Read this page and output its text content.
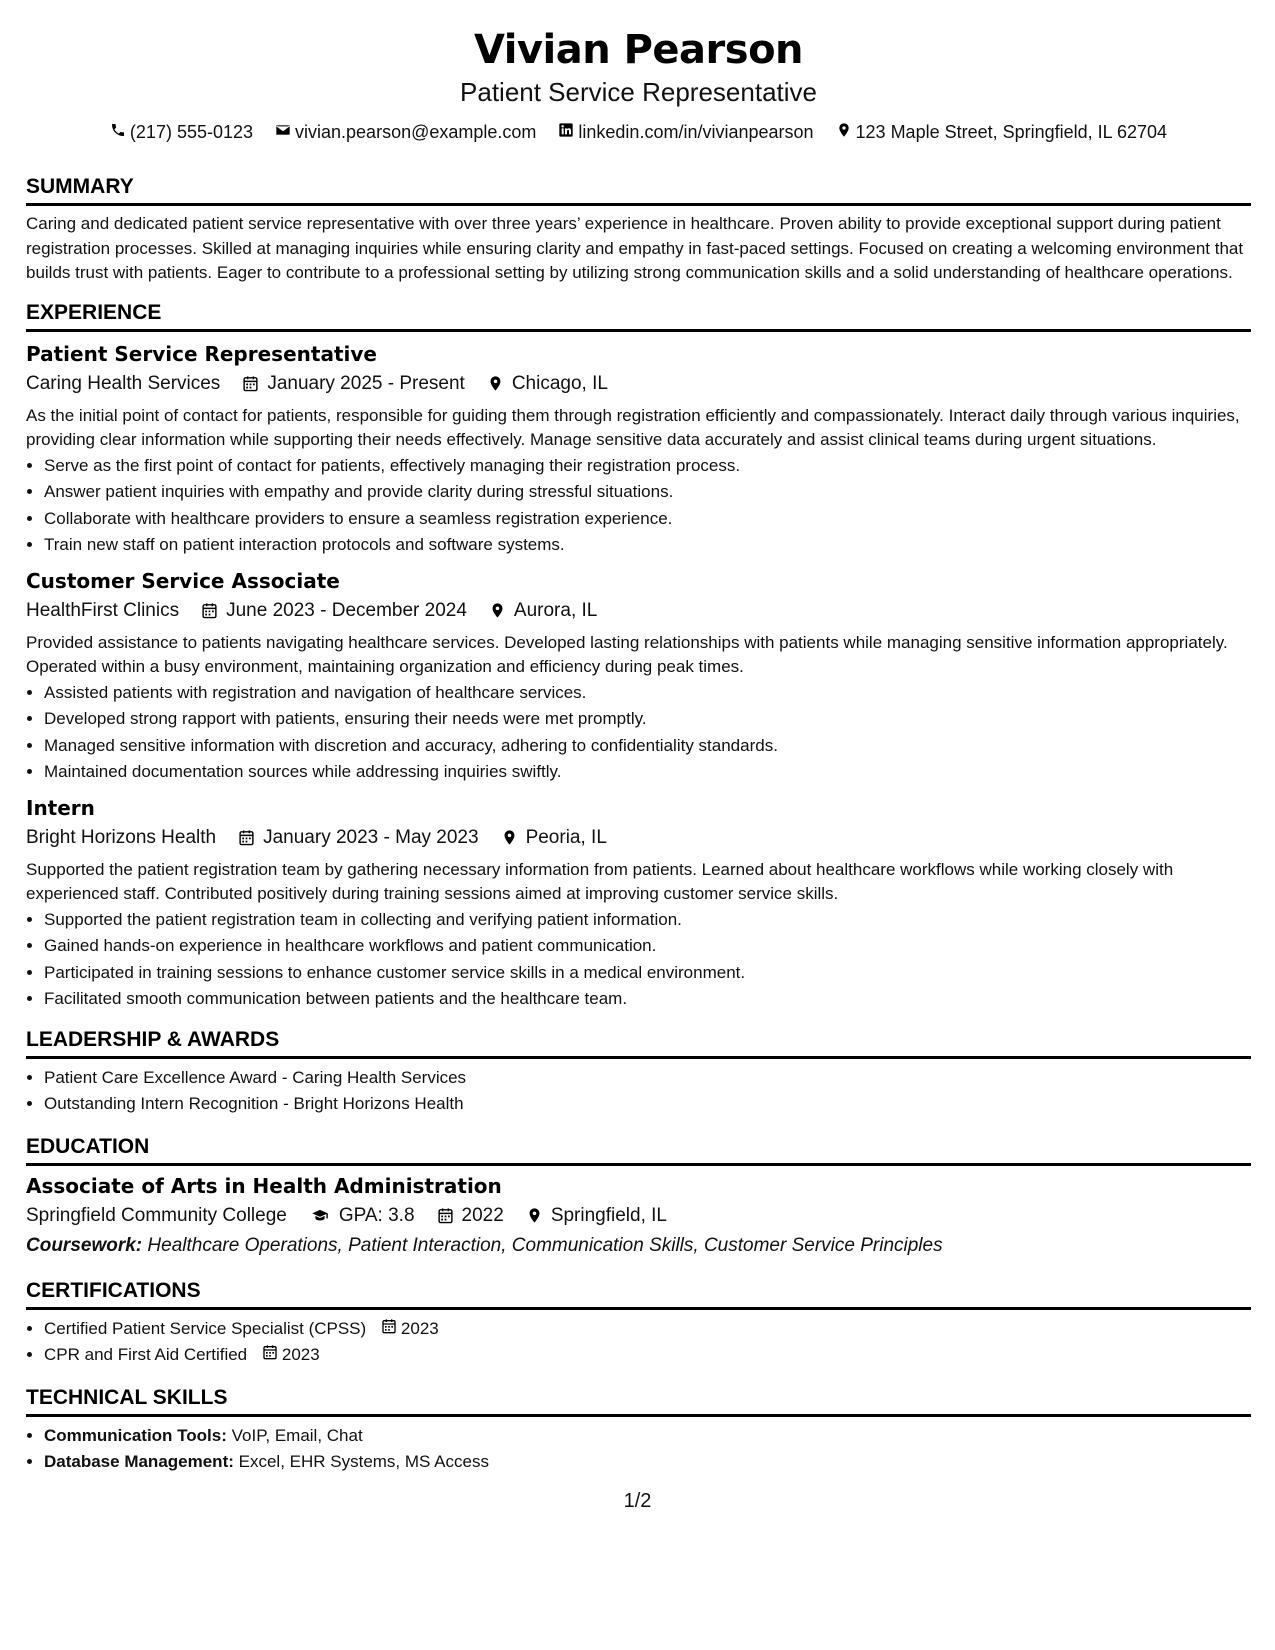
Vivian Pearson
Patient Service Representative
(217) 555-0123 vivian.pearson@example.com linkedin.com/in/vivianpearson 123 Maple Street, Springfield, IL 62704
SUMMARY
Caring and dedicated patient service representative with over three years’ experience in healthcare. Proven ability to provide exceptional support during patient registration processes. Skilled at managing inquiries while ensuring clarity and empathy in fast-paced settings. Focused on creating a welcoming environment that builds trust with patients. Eager to contribute to a professional setting by utilizing strong communication skills and a solid understanding of healthcare operations.
EXPERIENCE
Patient Service Representative
Caring Health Services January 2025 - Present Chicago, IL
As the initial point of contact for patients, responsible for guiding them through registration efficiently and compassionately. Interact daily through various inquiries, providing clear information while supporting their needs effectively. Manage sensitive data accurately and assist clinical teams during urgent situations.
• Serve as the first point of contact for patients, effectively managing their registration process.
• Answer patient inquiries with empathy and provide clarity during stressful situations.
• Collaborate with healthcare providers to ensure a seamless registration experience.
• Train new staff on patient interaction protocols and software systems.
Customer Service Associate
HealthFirst Clinics June 2023 - December 2024 Aurora, IL
Provided assistance to patients navigating healthcare services. Developed lasting relationships with patients while managing sensitive information appropriately. Operated within a busy environment, maintaining organization and efficiency during peak times.
• Assisted patients with registration and navigation of healthcare services.
• Developed strong rapport with patients, ensuring their needs were met promptly.
• Managed sensitive information with discretion and accuracy, adhering to confidentiality standards.
• Maintained documentation sources while addressing inquiries swiftly.
Intern
Bright Horizons Health January 2023 - May 2023 Peoria, IL
Supported the patient registration team by gathering necessary information from patients. Learned about healthcare workflows while working closely with experienced staff. Contributed positively during training sessions aimed at improving customer service skills.
• Supported the patient registration team in collecting and verifying patient information.
• Gained hands-on experience in healthcare workflows and patient communication.
• Participated in training sessions to enhance customer service skills in a medical environment.
• Facilitated smooth communication between patients and the healthcare team.
LEADERSHIP & AWARDS
• Patient Care Excellence Award - Caring Health Services
• Outstanding Intern Recognition - Bright Horizons Health
EDUCATION
Associate of Arts in Health Administration
Springfield Community College	GPA: 3.8 2022 Springfield, IL
Coursework: Healthcare Operations, Patient Interaction, Communication Skills, Customer Service Principles
CERTIFICATIONS
• Certified Patient Service Specialist (CPSS) 2023
• CPR and First Aid Certified 2023
TECHNICAL SKILLS
• Communication Tools: VoIP, Email, Chat
• Database Management: Excel, EHR Systems, MS Access
1/2
